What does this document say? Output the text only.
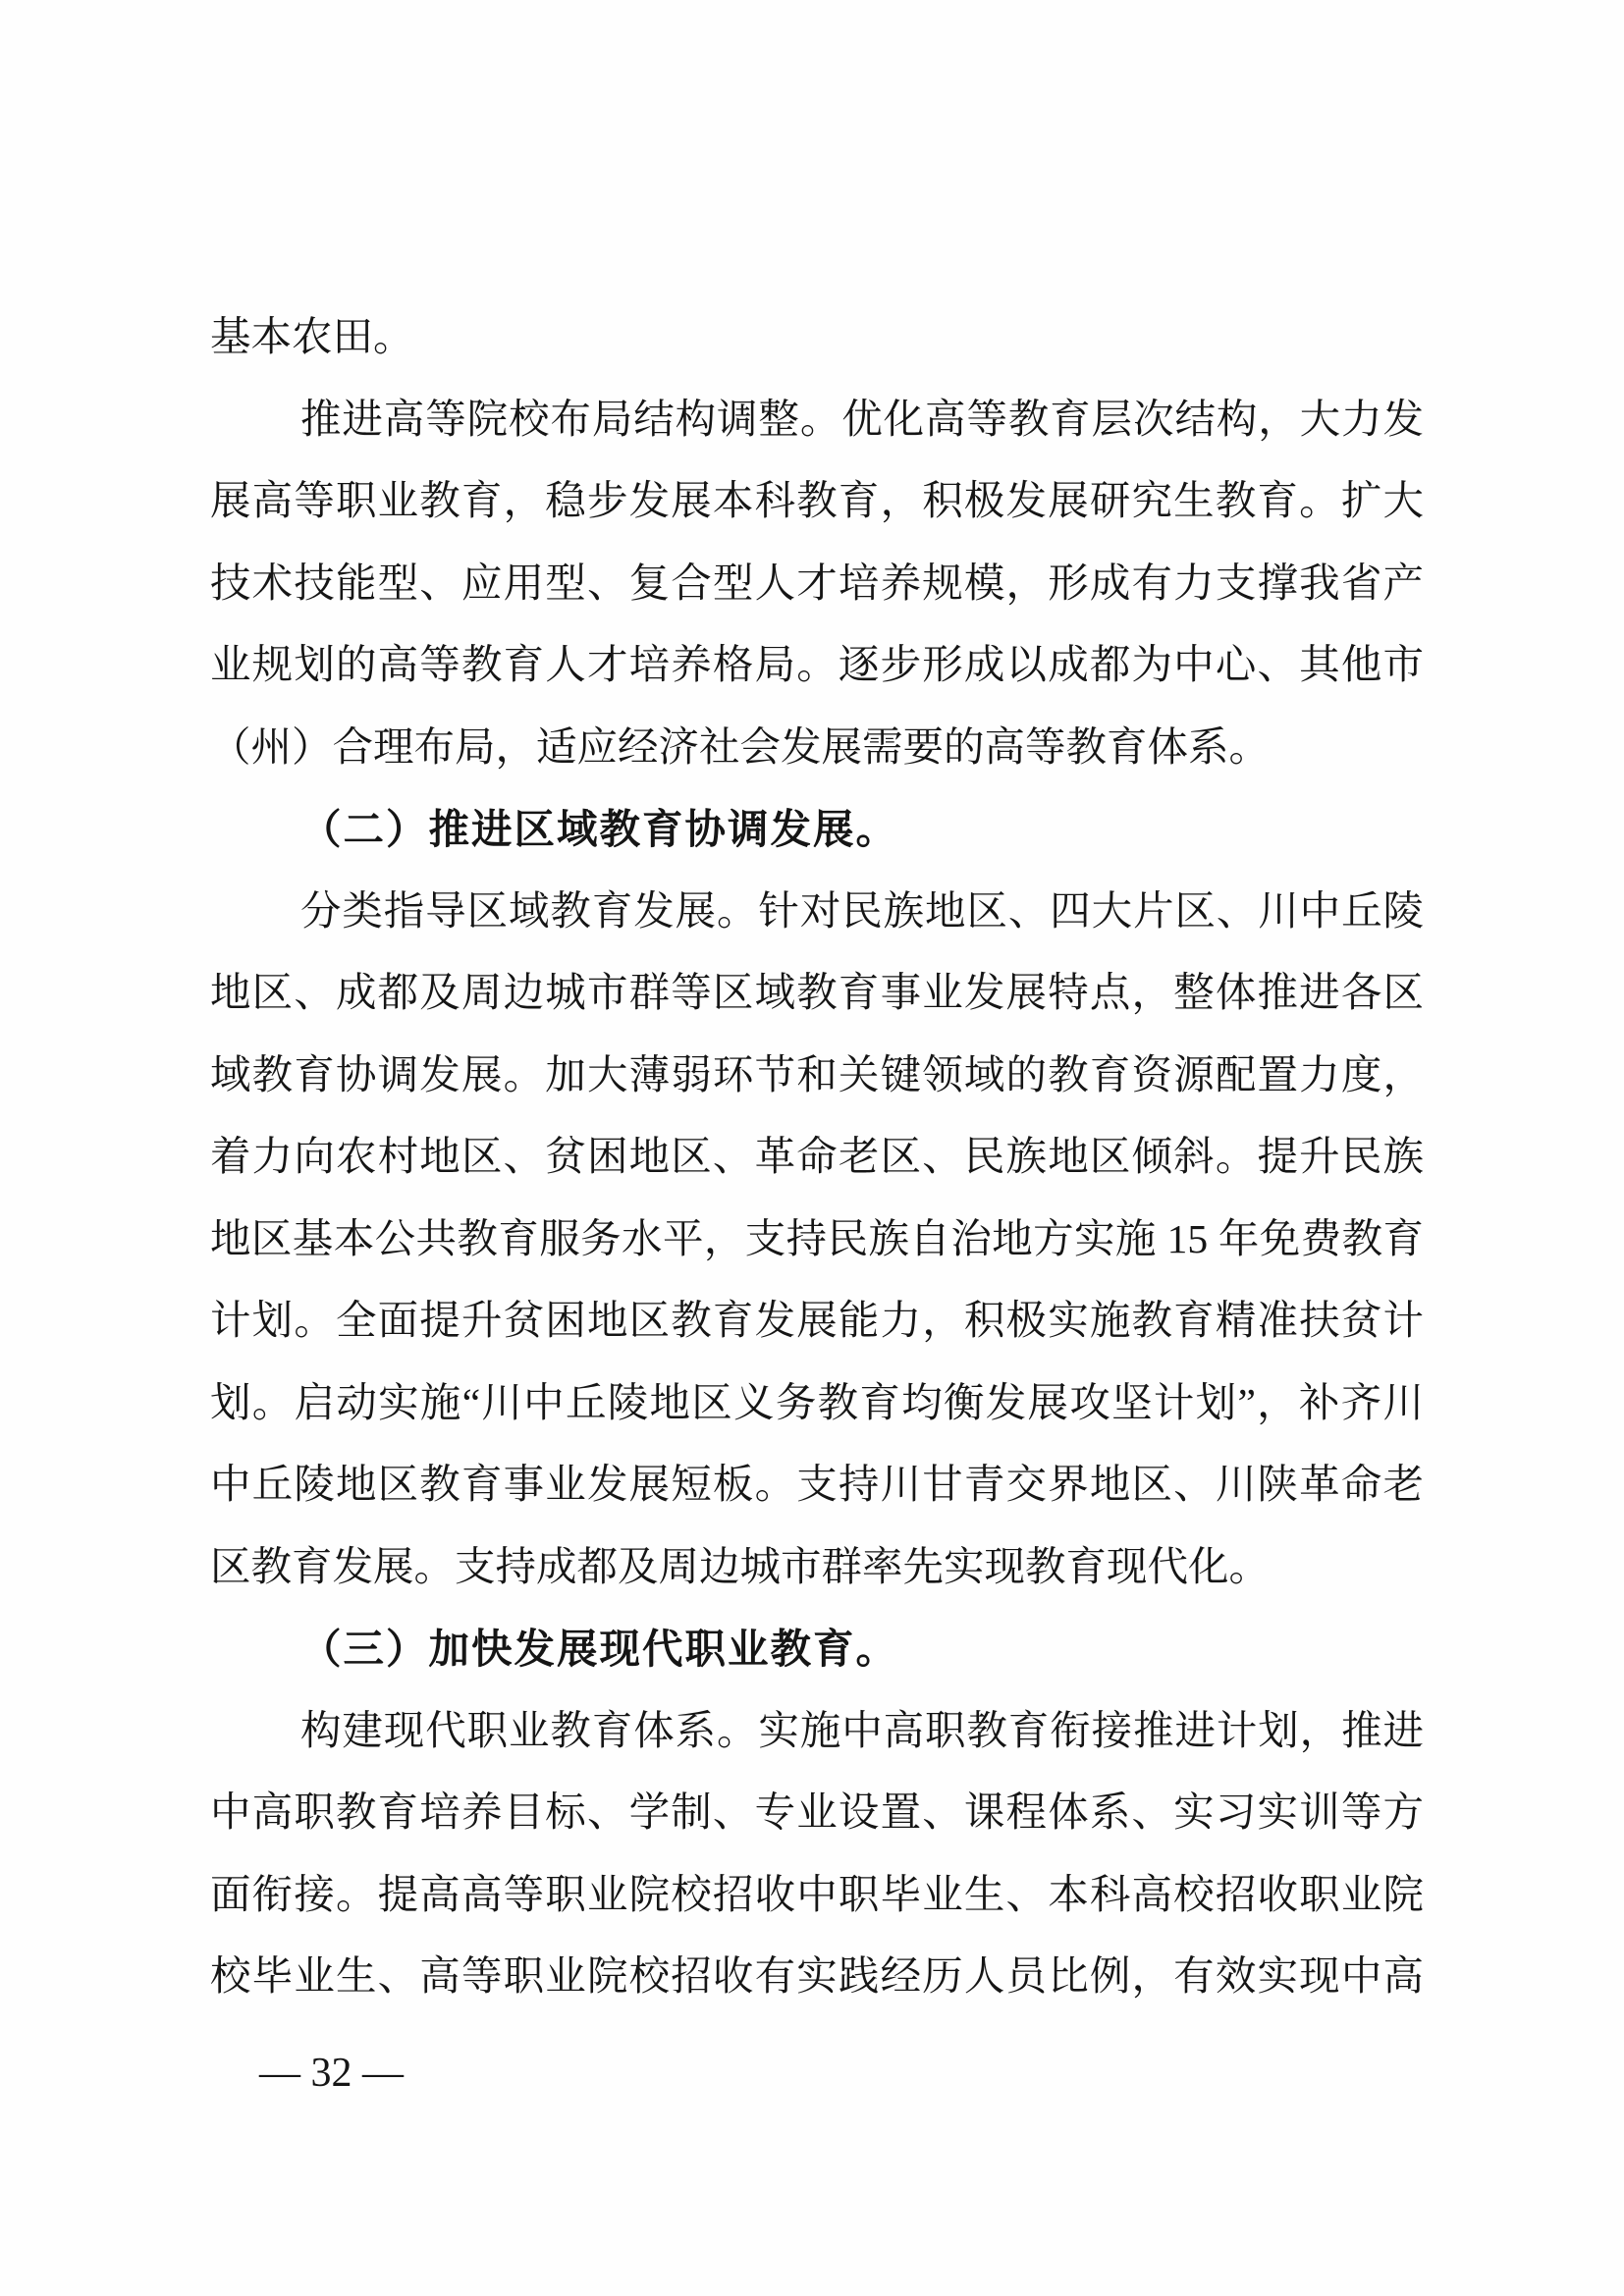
基本农田。
推进高等院校布局结构调整。优化高等教育层次结构，大力发
展高等职业教育，稳步发展本科教育，积极发展研究生教育。扩大
技术技能型、应用型、复合型人才培养规模，形成有力支撑我省产
业规划的高等教育人才培养格局。逐步形成以成都为中心、其他市
（州）合理布局，适应经济社会发展需要的高等教育体系。
（二）推进区域教育协调发展。
分类指导区域教育发展。针对民族地区、四大片区、川中丘陵
地区、成都及周边城市群等区域教育事业发展特点，整体推进各区
域教育协调发展。加大薄弱环节和关键领域的教育资源配置力度，
着力向农村地区、贫困地区、革命老区、民族地区倾斜。提升民族
地区基本公共教育服务水平，支持民族自治地方实施 15 年免费教育
计划。全面提升贫困地区教育发展能力，积极实施教育精准扶贫计
划。启动实施“川中丘陵地区义务教育均衡发展攻坚计划”，补齐川
中丘陵地区教育事业发展短板。支持川甘青交界地区、川陕革命老
区教育发展。支持成都及周边城市群率先实现教育现代化。
（三）加快发展现代职业教育。
构建现代职业教育体系。实施中高职教育衔接推进计划，推进
中高职教育培养目标、学制、专业设置、课程体系、实习实训等方
面衔接。提高高等职业院校招收中职毕业生、本科高校招收职业院
校毕业生、高等职业院校招收有实践经历人员比例，有效实现中高
— 32 —
